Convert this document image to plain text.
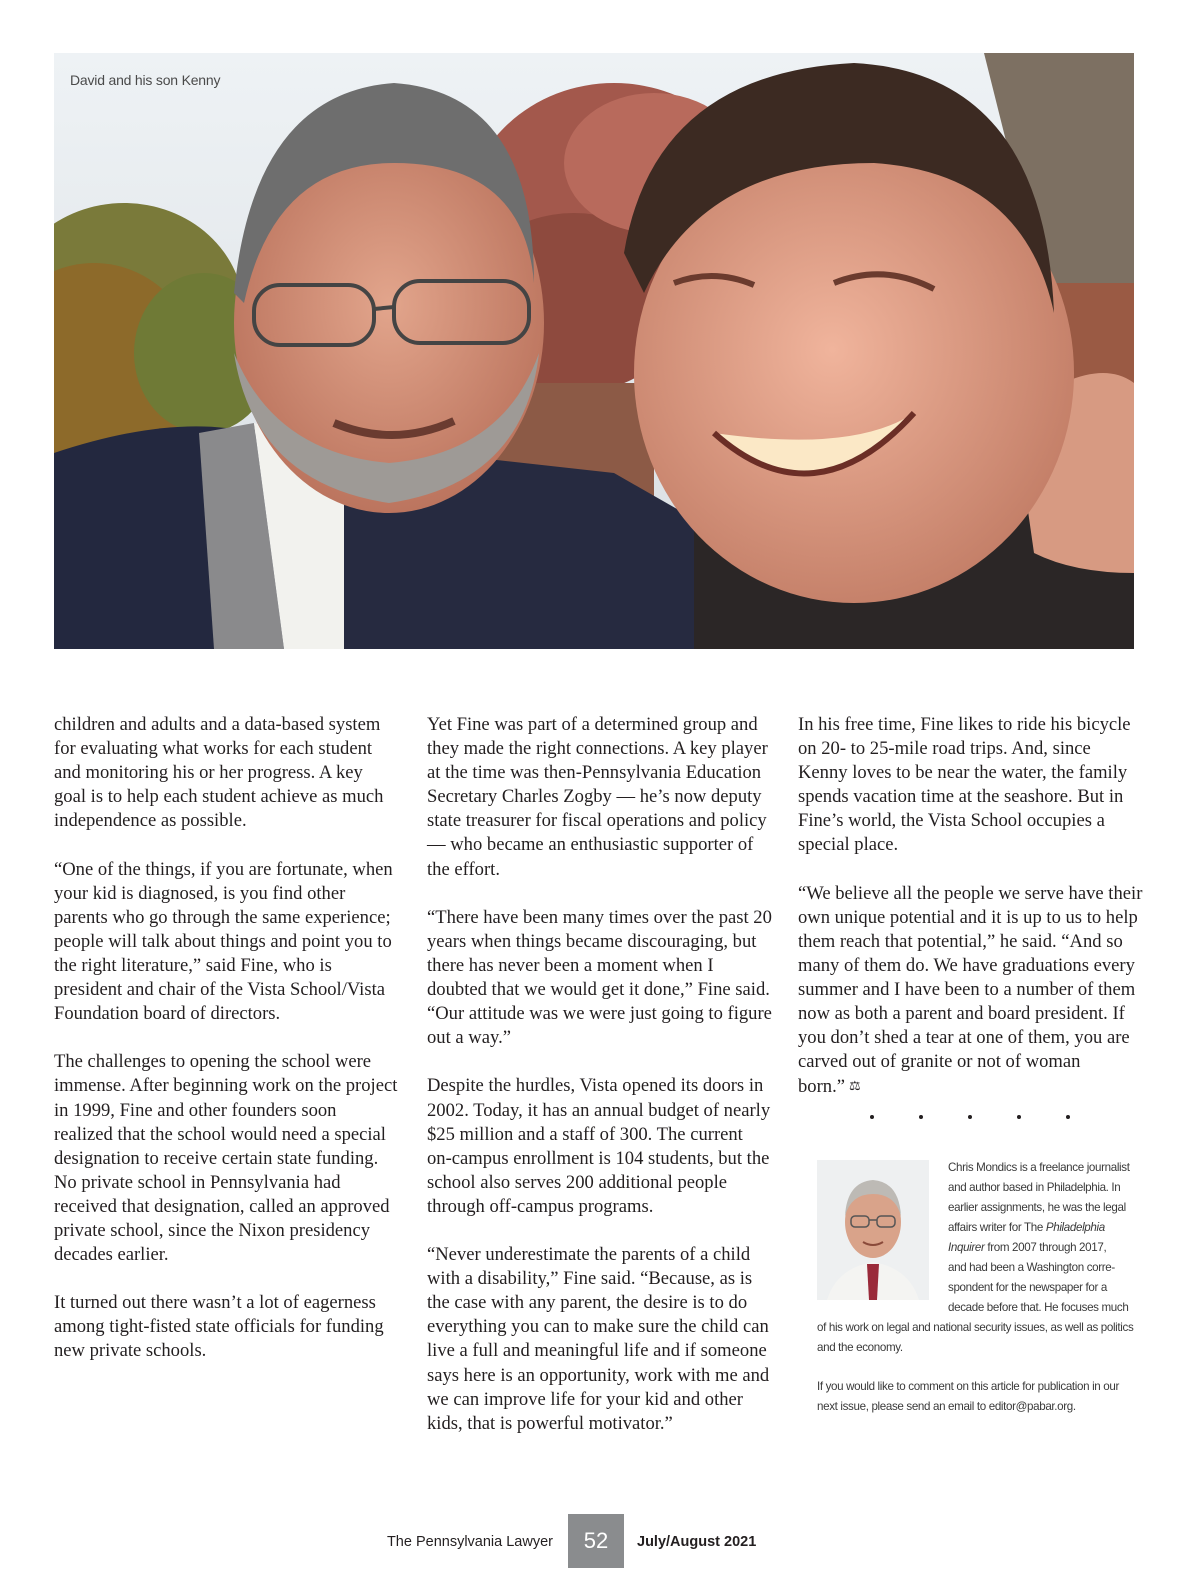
David and his son Kenny

children and adults and a data-based system for evaluating what works for each student and monitoring his or her progress. A key goal is to help each student achieve as much independence as possible.

“One of the things, if you are fortunate, when your kid is diagnosed, is you find other parents who go through the same experience; people will talk about things and point you to the right literature,” said Fine, who is president and chair of the Vista School/Vista Foundation board of directors.

The challenges to opening the school were immense. After beginning work on the project in 1999, Fine and other founders soon realized that the school would need a special designation to receive certain state funding. No private school in Pennsylvania had received that designation, called an approved private school, since the Nixon presidency decades earlier.

It turned out there wasn’t a lot of eagerness among tight-fisted state officials for funding new private schools.

Yet Fine was part of a determined group and they made the right connections. A key player at the time was then-Pennsylvania Education Secretary Charles Zogby — he’s now deputy state treasurer for fiscal operations and policy — who became an enthusiastic supporter of the effort.

“There have been many times over the past 20 years when things became discouraging, but there has never been a moment when I doubted that we would get it done,” Fine said. “Our attitude was we were just going to figure out a way.”

Despite the hurdles, Vista opened its doors in 2002. Today, it has an annual budget of nearly $25 million and a staff of 300. The current on-campus enrollment is 104 students, but the school also serves 200 additional people through off-campus programs.

“Never underestimate the parents of a child with a disability,” Fine said. “Because, as is the case with any parent, the desire is to do everything you can to make sure the child can live a full and meaningful life and if someone says here is an opportunity, work with me and we can improve life for your kid and other kids, that is powerful motivator.”

In his free time, Fine likes to ride his bicycle on 20- to 25-mile road trips. And, since Kenny loves to be near the water, the family spends vacation time at the seashore. But in Fine’s world, the Vista School occupies a special place.

“We believe all the people we serve have their own unique potential and it is up to us to help them reach that potential,” he said. “And so many of them do. We have graduations every summer and I have been to a number of them now as both a parent and board president. If you don’t shed a tear at one of them, you are carved out of granite or not of woman born.” ⚖

Chris Mondics is a freelance journalist
and author based in Philadelphia. In
earlier assignments, he was the legal
affairs writer for The Philadelphia
Inquirer from 2007 through 2017,
and had been a Washington corre-
spondent for the newspaper for a
decade before that. He focuses much
of his work on legal and national security issues, as well as politics
and the economy.
If you would like to comment on this article for publication in our next issue, please send an email to editor@pabar.org.
The Pennsylvania Lawyer	52	July/August 2021
